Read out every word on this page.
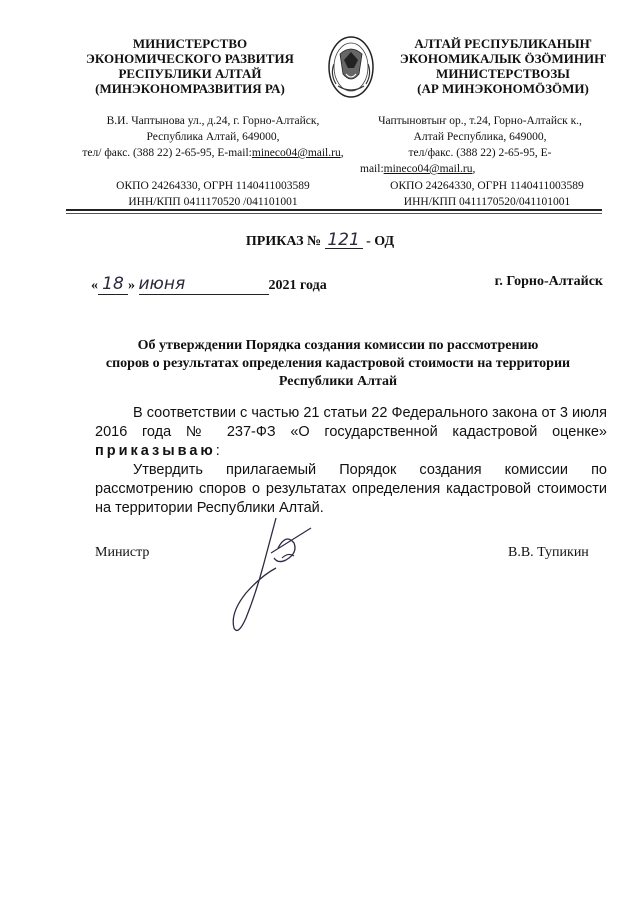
МИНИСТЕРСТВО
ЭКОНОМИЧЕСКОГО РАЗВИТИЯ
РЕСПУБЛИКИ АЛТАЙ
(МИНЭКОНОМРАЗВИТИЯ РА)
АЛТАЙ РЕСПУБЛИКАНЫҤ
ЭКОНОМИКАЛЫК ӦЗӦМИНИҤ
МИНИСТЕРСТВОЗЫ
(АР МИНЭКОНОМӦЗӦМИ)
В.И. Чаптынова ул., д.24, г. Горно-Алтайск,
Республика Алтай, 649000,
тел/ факс. (388 22) 2-65-95, E-mail:mineco04@mail.ru,
Чаптыновтыҥ ор., т.24, Горно-Алтайск к.,
Алтай Республика, 649000,
тел/факс. (388 22) 2-65-95, E-
mail:mineco04@mail.ru,
ОКПО 24264330, ОГРН 1140411003589
ИНН/КПП 0411170520 /041101001
ОКПО 24264330, ОГРН 1140411003589
ИНН/КПП 0411170520/041101001
ПРИКАЗ № 121 - ОД
« 18 » июня	2021 года	г. Горно-Алтайск
Об утверждении Порядка создания комиссии по рассмотрению
споров о результатах определения кадастровой стоимости на территории
Республики Алтай

В соответствии с частью 21 статьи 22 Федерального закона от 3 июля 2016 года № 237-ФЗ «О государственной кадастровой оценке» приказываю:

Утвердить прилагаемый Порядок создания комиссии по рассмотрению споров о результатах определения кадастровой стоимости на территории Республики Алтай.

Министр	В.В. Тупикин
